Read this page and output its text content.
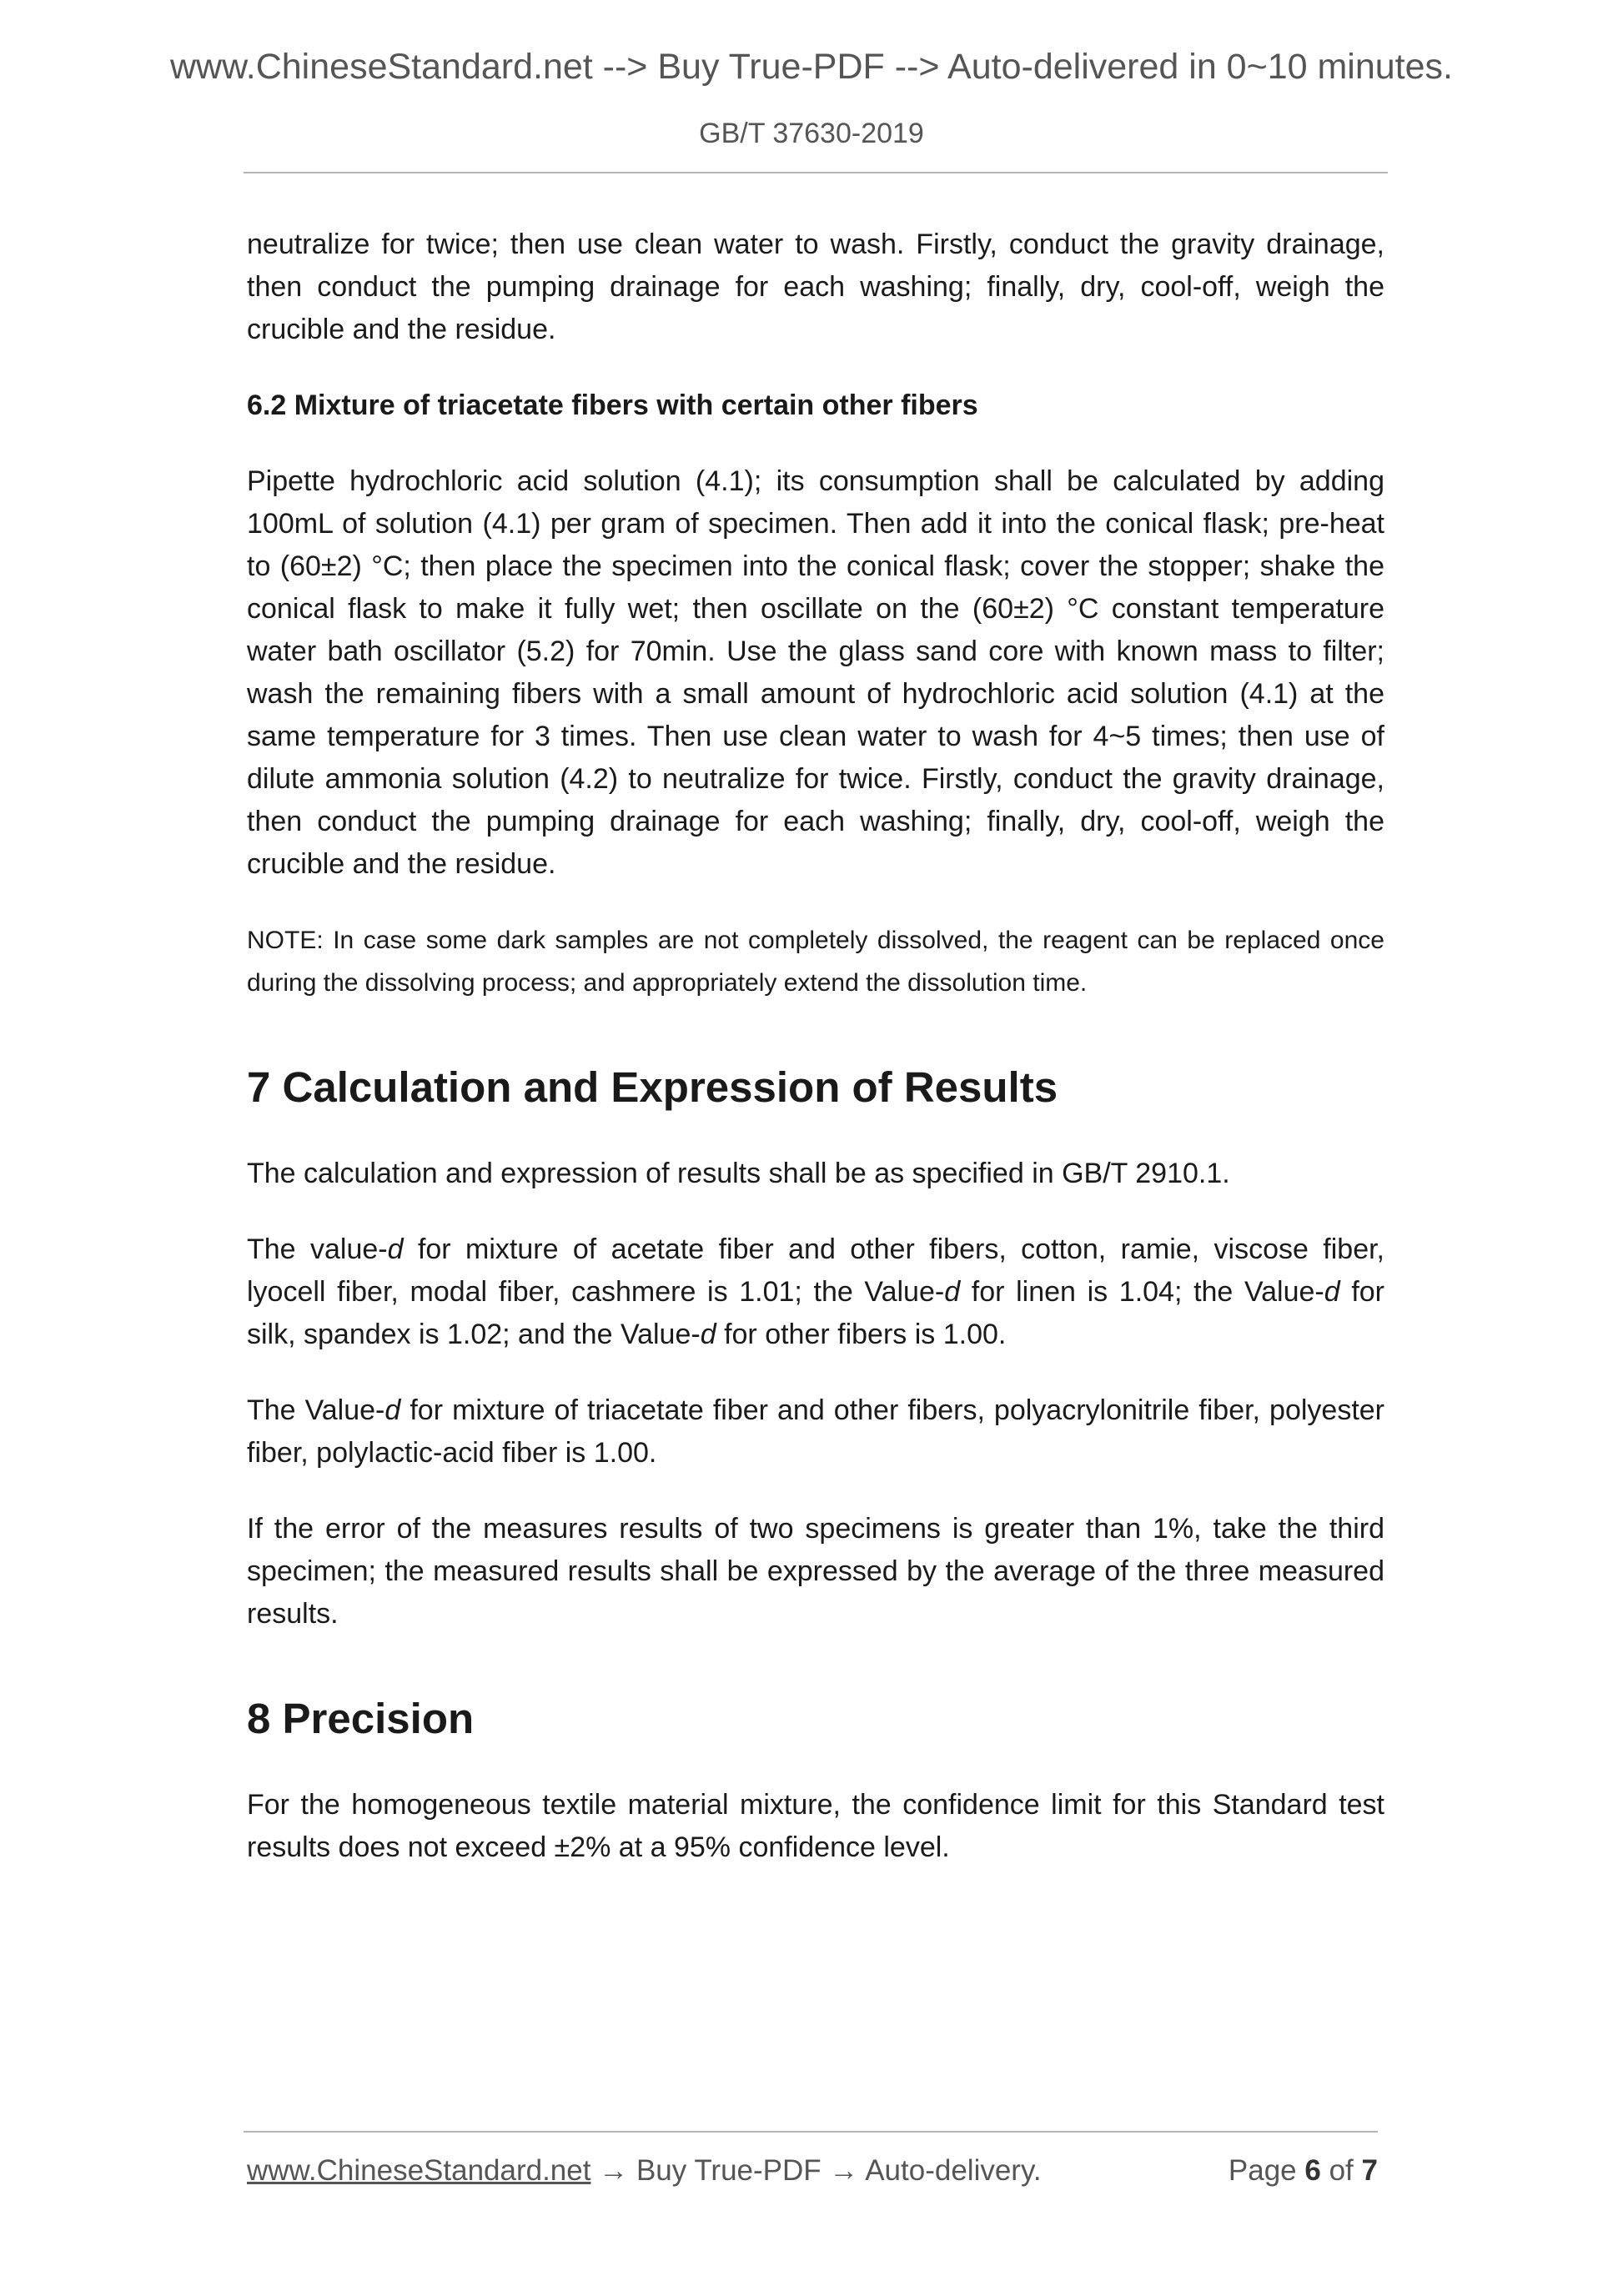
www.ChineseStandard.net --> Buy True-PDF --> Auto-delivered in 0~10 minutes.
GB/T 37630-2019

neutralize for twice; then use clean water to wash. Firstly, conduct the gravity drainage, then conduct the pumping drainage for each washing; finally, dry, cool-off, weigh the crucible and the residue.

6.2 Mixture of triacetate fibers with certain other fibers

Pipette hydrochloric acid solution (4.1); its consumption shall be calculated by adding 100mL of solution (4.1) per gram of specimen. Then add it into the conical flask; pre-heat to (60±2) °C; then place the specimen into the conical flask; cover the stopper; shake the conical flask to make it fully wet; then oscillate on the (60±2) °C constant temperature water bath oscillator (5.2) for 70min. Use the glass sand core with known mass to filter; wash the remaining fibers with a small amount of hydrochloric acid solution (4.1) at the same temperature for 3 times. Then use clean water to wash for 4~5 times; then use of dilute ammonia solution (4.2) to neutralize for twice. Firstly, conduct the gravity drainage, then conduct the pumping drainage for each washing; finally, dry, cool-off, weigh the crucible and the residue.

NOTE: In case some dark samples are not completely dissolved, the reagent can be replaced once during the dissolving process; and appropriately extend the dissolution time.

7 Calculation and Expression of Results

The calculation and expression of results shall be as specified in GB/T 2910.1.

The value-d for mixture of acetate fiber and other fibers, cotton, ramie, viscose fiber, lyocell fiber, modal fiber, cashmere is 1.01; the Value-d for linen is 1.04; the Value-d for silk, spandex is 1.02; and the Value-d for other fibers is 1.00.

The Value-d for mixture of triacetate fiber and other fibers, polyacrylonitrile fiber, polyester fiber, polylactic-acid fiber is 1.00.

If the error of the measures results of two specimens is greater than 1%, take the third specimen; the measured results shall be expressed by the average of the three measured results.

8 Precision

For the homogeneous textile material mixture, the confidence limit for this Standard test results does not exceed ±2% at a 95% confidence level.

www.ChineseStandard.net → Buy True-PDF → Auto-delivery.	Page 6 of 7
